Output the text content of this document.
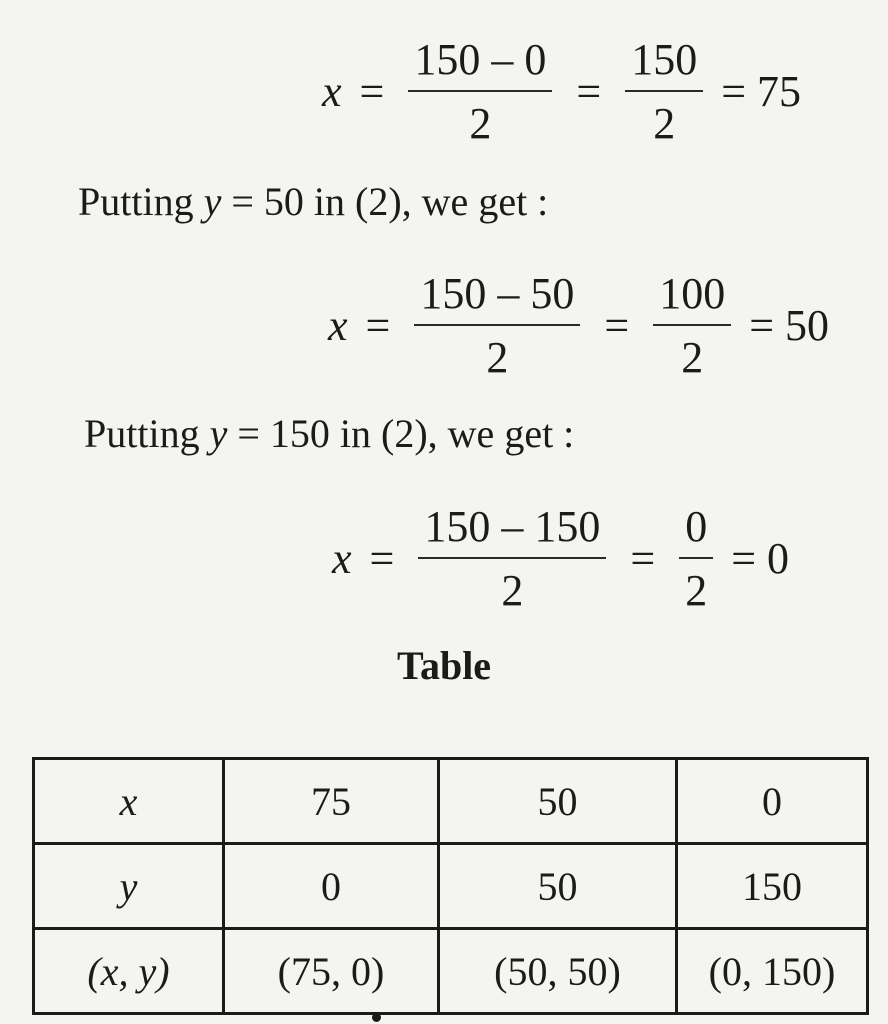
$x = \frac{150 - 0}{2} = \frac{150}{2} = 75$
Putting y = 50 in (2), we get :
$x = \frac{150 - 50}{2} = \frac{100}{2} = 50$
Putting y = 150 in (2), we get :
$x = \frac{150 - 150}{2} = \frac{0}{2} = 0$
Table
x	75	50	0
y	0	50	150
(x, y)	(75, 0)	(50, 50)	(0, 150)
